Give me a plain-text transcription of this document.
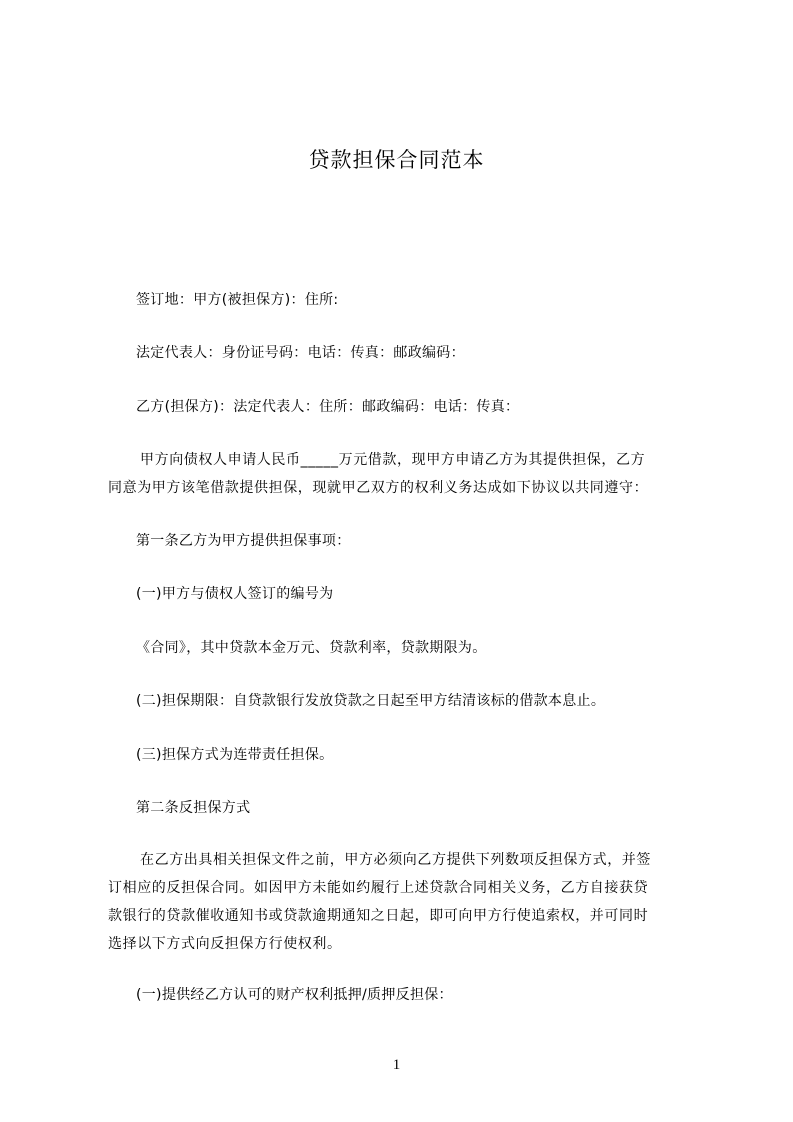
贷款担保合同范本
签订地：甲方(被担保方)：住所:
法定代表人：身份证号码：电话：传真：邮政编码：
乙方(担保方)：法定代表人：住所：邮政编码：电话：传真：
甲方向债权人申请人民币_____万元借款，现甲方申请乙方为其提供担保，乙方
同意为甲方该笔借款提供担保，现就甲乙双方的权利义务达成如下协议以共同遵守：
第一条乙方为甲方提供担保事项：
(一)甲方与债权人签订的编号为
《合同》，其中贷款本金万元、贷款利率，贷款期限为。
(二)担保期限：自贷款银行发放贷款之日起至甲方结清该标的借款本息止。
(三)担保方式为连带责任担保。
第二条反担保方式
在乙方出具相关担保文件之前，甲方必须向乙方提供下列数项反担保方式，并签
订相应的反担保合同。如因甲方未能如约履行上述贷款合同相关义务，乙方自接获贷
款银行的贷款催收通知书或贷款逾期通知之日起，即可向甲方行使追索权，并可同时
选择以下方式向反担保方行使权利。
(一)提供经乙方认可的财产权利抵押/质押反担保：
1
